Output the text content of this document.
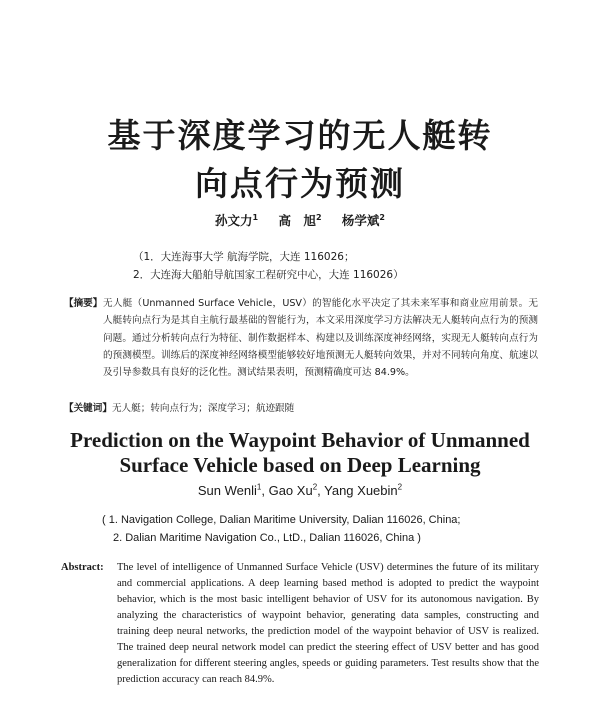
基于深度学习的无人艇转
向点行为预测
孙文力$^1$ 高　旭$^2$ 杨学斌$^2$
（1．大连海事大学 航海学院，大连 116026；
2．大连海大船舶导航国家工程研究中心，大连 116026）
【摘要】 无人艇（Unmanned Surface Vehicle，USV）的智能化水平决定了其未来军事和商业应用前景。无人艇转向点行为是其自主航行最基础的智能行为，本文采用深度学习方法解决无人艇转向点行为的预测问题。通过分析转向点行为特征、制作数据样本、构建以及训练深度神经网络，实现无人艇转向点行为的预测模型。训练后的深度神经网络模型能够较好地预测无人艇转向效果，并对不同转向角度、航速以及引导参数具有良好的泛化性。测试结果表明，预测精确度可达 84.9%。
【关键词】无人艇；转向点行为；深度学习；航迹跟随
Prediction on the Waypoint Behavior of Unmanned
Surface Vehicle based on Deep Learning
Sun Wenli$^1$, Gao Xu$^2$, Yang Xuebin$^2$
( 1. Navigation College, Dalian Maritime University, Dalian 116026, China;
2. Dalian Maritime Navigation Co., LtD., Dalian 116026, China )
Abstract: The level of intelligence of Unmanned Surface Vehicle (USV) determines the future of its military and commercial applications. A deep learning based method is adopted to predict the waypoint behavior, which is the most basic intelligent behavior of USV for its autonomous navigation. By analyzing the characteristics of waypoint behavior, generating data samples, constructing and training deep neural networks, the prediction model of the waypoint behavior of USV is realized. The trained deep neural network model can predict the steering effect of USV better and has good generalization for different steering angles, speeds or guiding parameters. Test results show that the prediction accuracy can reach 84.9%.
